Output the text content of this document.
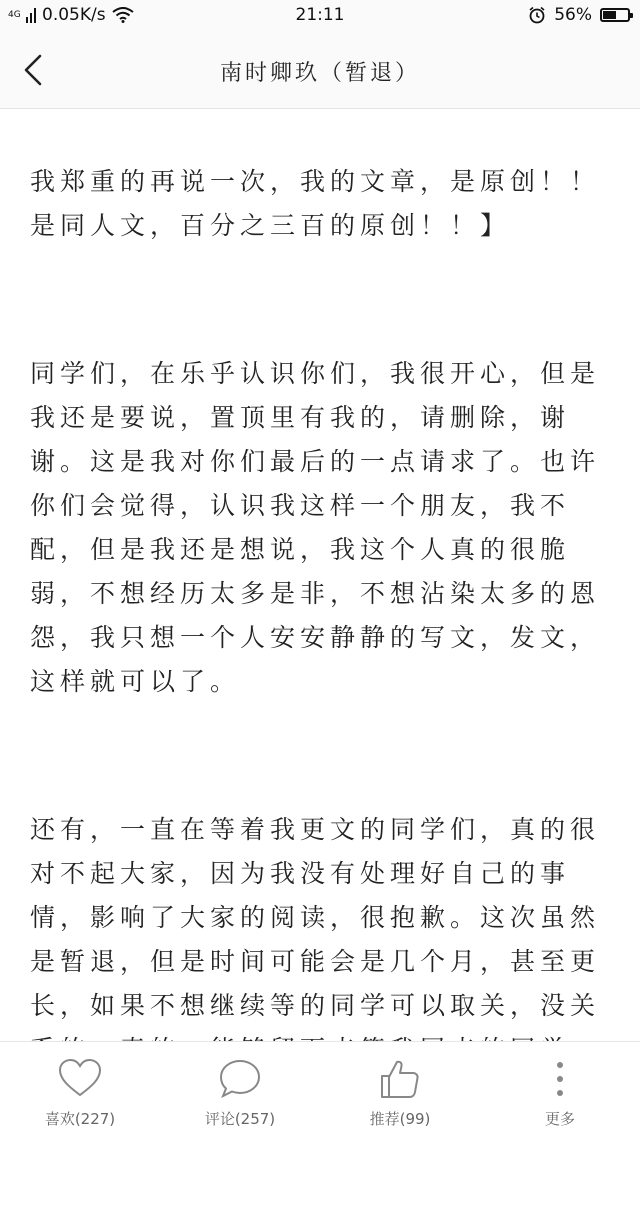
4G 0.05K/s	21:11	56%
南时卿玖（暂退）

我郑重的再说一次，我的文章，是原创！！是同人文，百分之三百的原创！！】

同学们，在乐乎认识你们，我很开心，但是我还是要说，置顶里有我的，请删除，谢谢。这是我对你们最后的一点请求了。也许你们会觉得，认识我这样一个朋友，我不配，但是我还是想说，我这个人真的很脆弱，不想经历太多是非，不想沾染太多的恩怨，我只想一个人安安静静的写文，发文，这样就可以了。

还有，一直在等着我更文的同学们，真的很对不起大家，因为我没有处理好自己的事情，影响了大家的阅读，很抱歉。这次虽然是暂退，但是时间可能会是几个月，甚至更长，如果不想继续等的同学可以取关，没关

喜欢(227)	评论(257)	推荐(99)	更多
